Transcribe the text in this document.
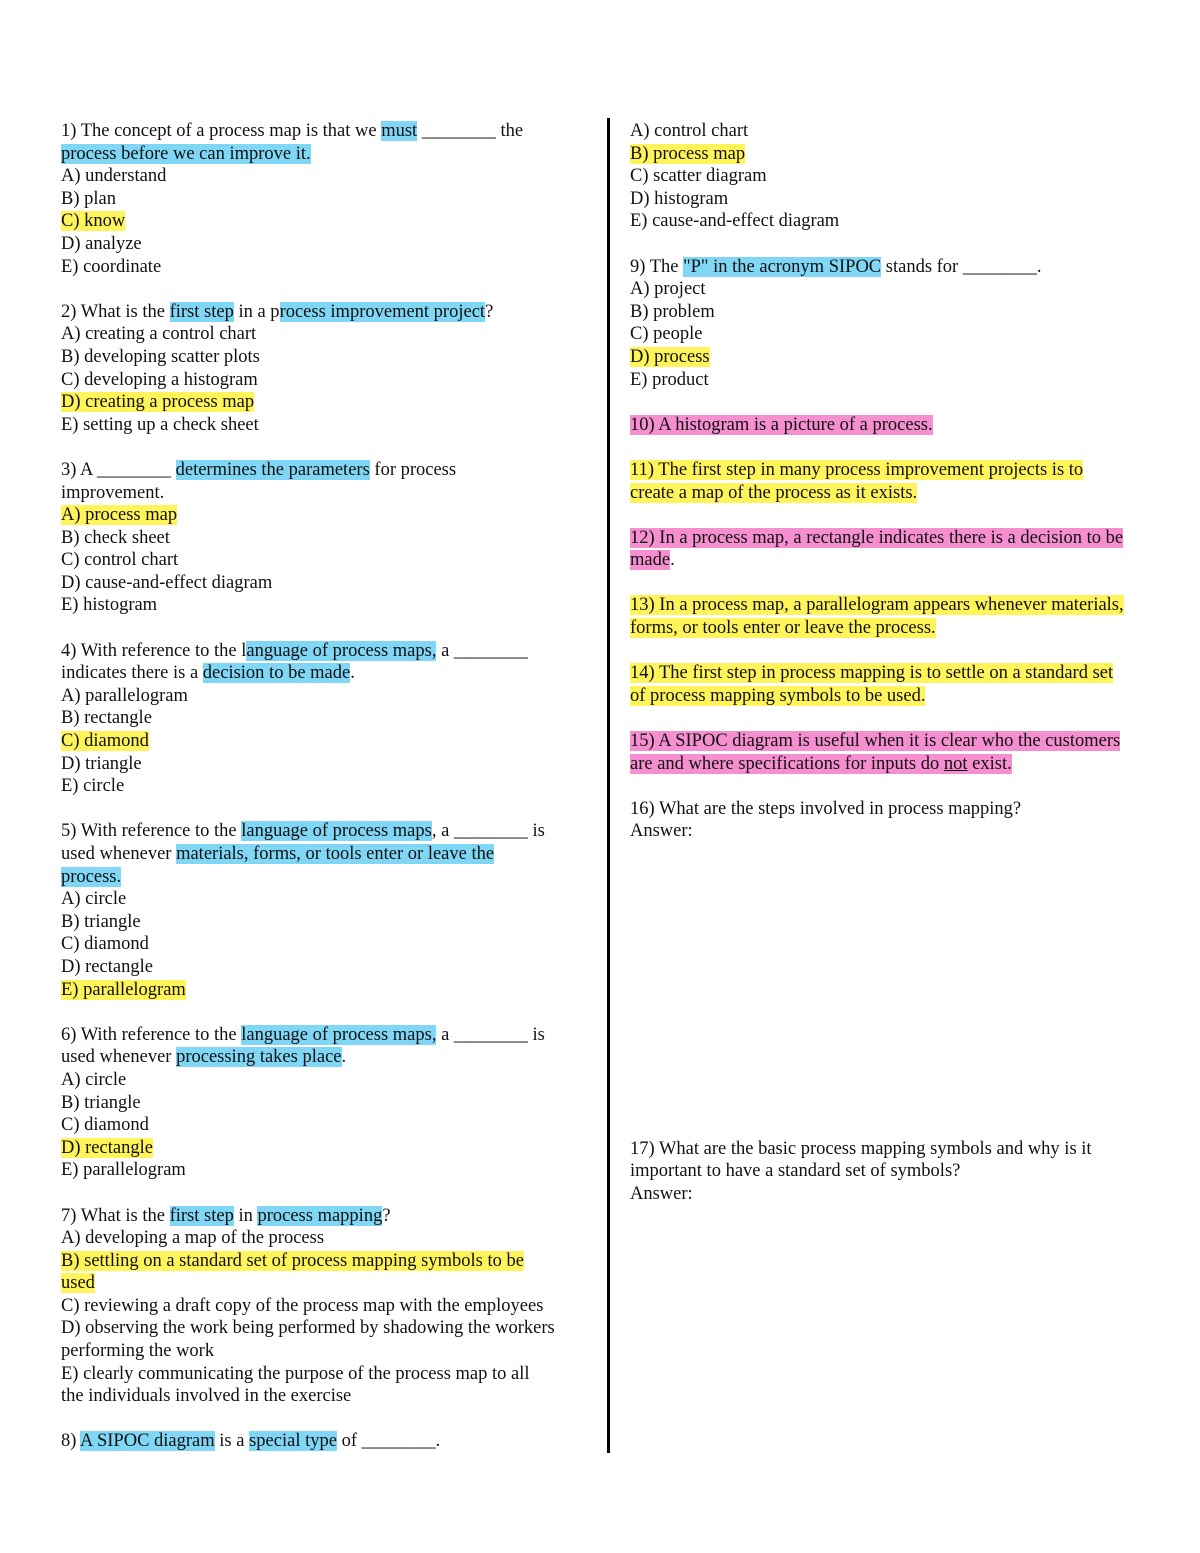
1) The concept of a process map is that we must ________ the
process before we can improve it.
A) understand
B) plan
C) know
D) analyze
E) coordinate
2) What is the first step in a process improvement project?
A) creating a control chart
B) developing scatter plots
C) developing a histogram
D) creating a process map
E) setting up a check sheet
3) A ________ determines the parameters for process
improvement.
A) process map
B) check sheet
C) control chart
D) cause-and-effect diagram
E) histogram
4) With reference to the language of process maps, a ________
indicates there is a decision to be made.
A) parallelogram
B) rectangle
C) diamond
D) triangle
E) circle
5) With reference to the language of process maps, a ________ is
used whenever materials, forms, or tools enter or leave the
process.
A) circle
B) triangle
C) diamond
D) rectangle
E) parallelogram
6) With reference to the language of process maps, a ________ is
used whenever processing takes place.
A) circle
B) triangle
C) diamond
D) rectangle
E) parallelogram
7) What is the first step in process mapping?
A) developing a map of the process
B) settling on a standard set of process mapping symbols to be
used
C) reviewing a draft copy of the process map with the employees
D) observing the work being performed by shadowing the workers
performing the work
E) clearly communicating the purpose of the process map to all
the individuals involved in the exercise
8) A SIPOC diagram is a special type of ________.
A) control chart
B) process map
C) scatter diagram
D) histogram
E) cause-and-effect diagram
9) The "P" in the acronym SIPOC stands for ________.
A) project
B) problem
C) people
D) process
E) product
10) A histogram is a picture of a process.
11) The first step in many process improvement projects is to
create a map of the process as it exists.
12) In a process map, a rectangle indicates there is a decision to be
made.
13) In a process map, a parallelogram appears whenever materials,
forms, or tools enter or leave the process.
14) The first step in process mapping is to settle on a standard set
of process mapping symbols to be used.
15) A SIPOC diagram is useful when it is clear who the customers
are and where specifications for inputs do not exist.
16) What are the steps involved in process mapping?
Answer:
17) What are the basic process mapping symbols and why is it
important to have a standard set of symbols?
Answer:
